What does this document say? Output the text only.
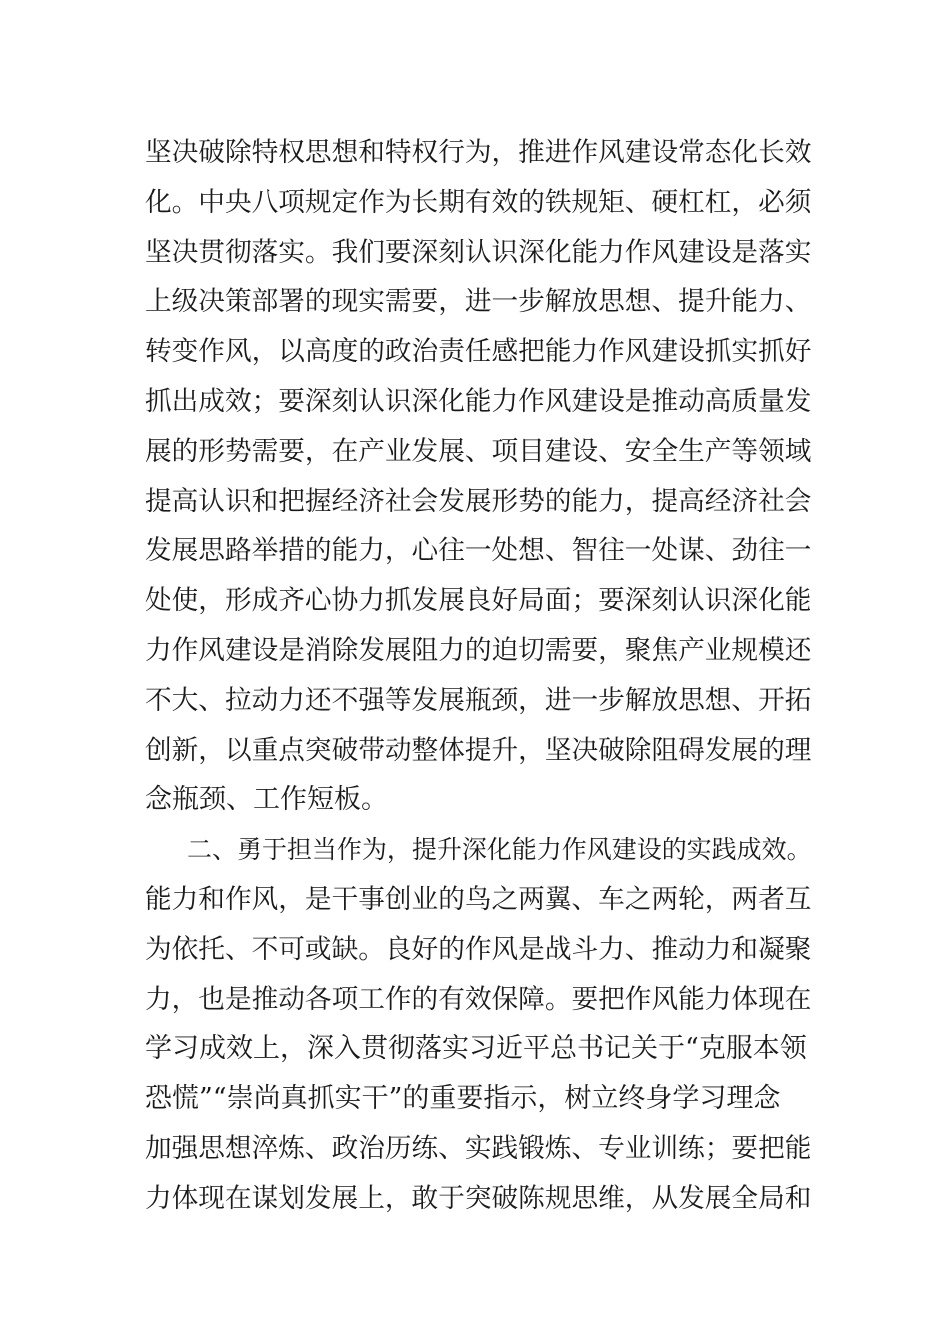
坚决破除特权思想和特权行为，推进作风建设常态化长效
化。中央八项规定作为长期有效的铁规矩、硬杠杠，必须
坚决贯彻落实。我们要深刻认识深化能力作风建设是落实
上级决策部署的现实需要，进一步解放思想、提升能力、
转变作风，以高度的政治责任感把能力作风建设抓实抓好
抓出成效；要深刻认识深化能力作风建设是推动高质量发
展的形势需要，在产业发展、项目建设、安全生产等领域
提高认识和把握经济社会发展形势的能力，提高经济社会
发展思路举措的能力，心往一处想、智往一处谋、劲往一
处使，形成齐心协力抓发展良好局面；要深刻认识深化能
力作风建设是消除发展阻力的迫切需要，聚焦产业规模还
不大、拉动力还不强等发展瓶颈，进一步解放思想、开拓
创新，以重点突破带动整体提升，坚决破除阻碍发展的理
念瓶颈、工作短板。
二、勇于担当作为，提升深化能力作风建设的实践成效。
能力和作风，是干事创业的鸟之两翼、车之两轮，两者互
为依托、不可或缺。良好的作风是战斗力、推动力和凝聚
力，也是推动各项工作的有效保障。要把作风能力体现在
学习成效上，深入贯彻落实习近平总书记关于“克服本领
恐慌”“崇尚真抓实干”的重要指示，树立终身学习理念
加强思想淬炼、政治历练、实践锻炼、专业训练；要把能
力体现在谋划发展上，敢于突破陈规思维，从发展全局和
